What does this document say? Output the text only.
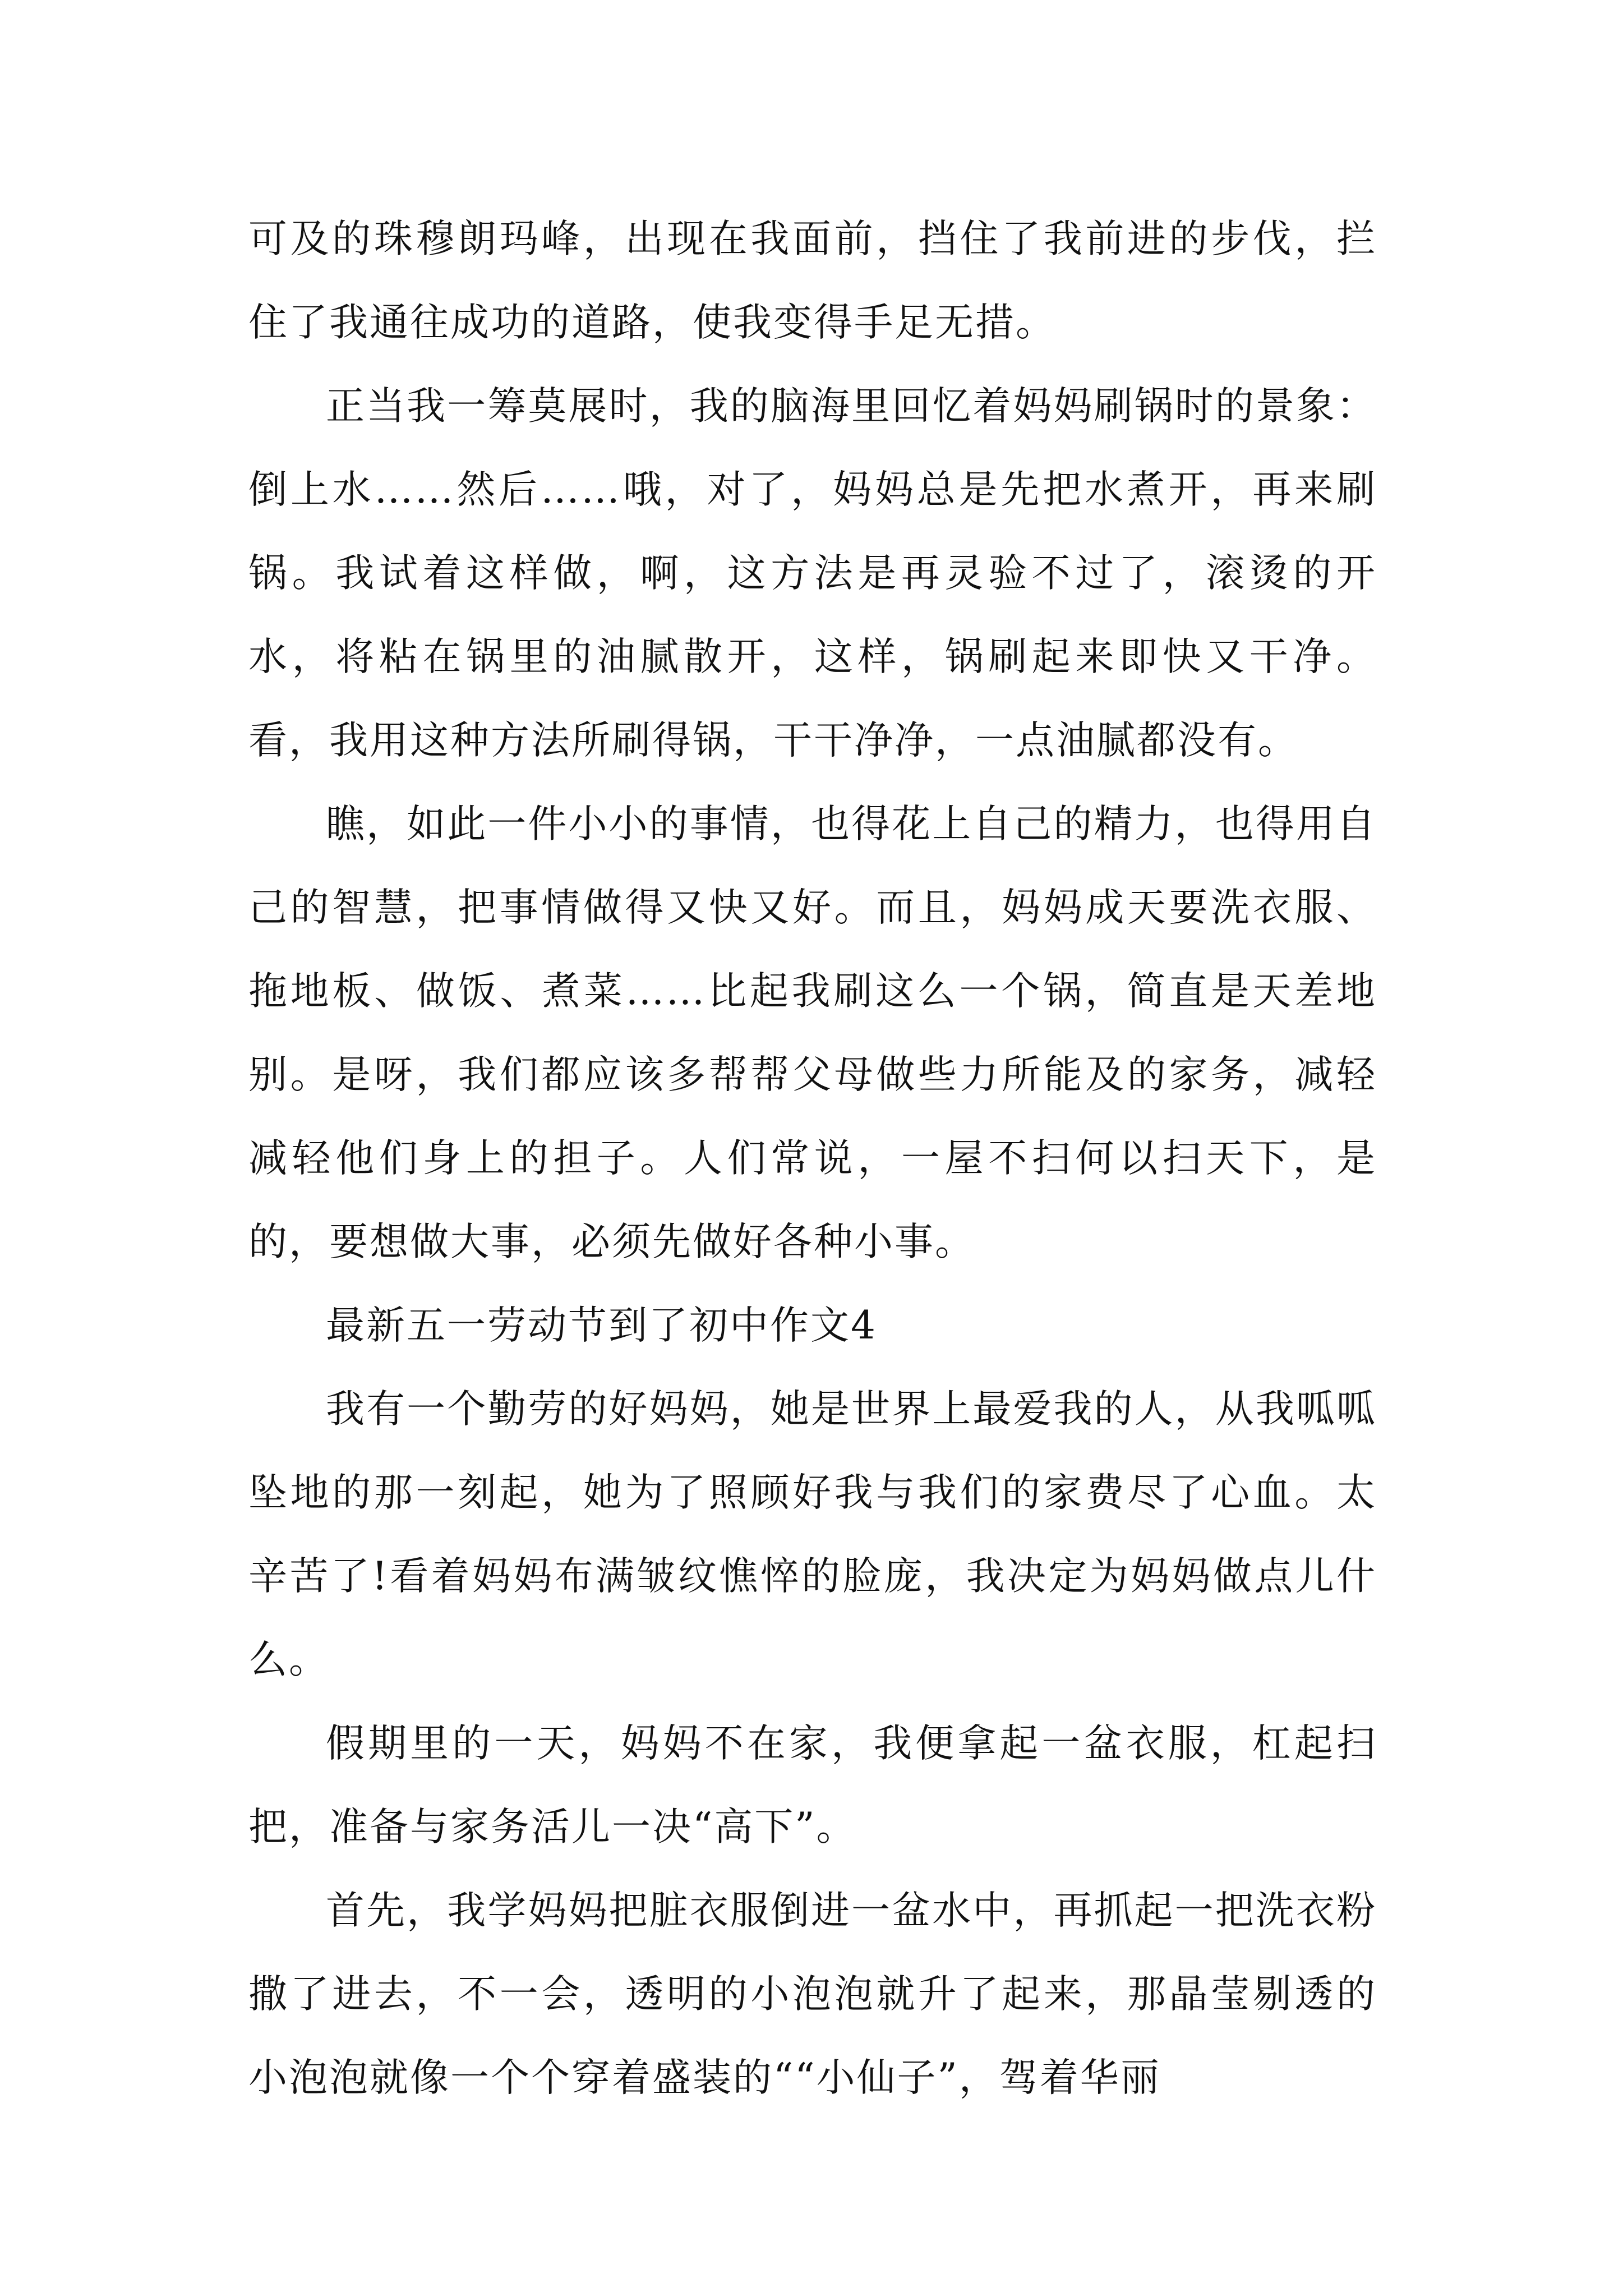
可及的珠穆朗玛峰，出现在我面前，挡住了我前进的步伐，拦住了我通往成功的道路，使我变得手足无措。

正当我一筹莫展时，我的脑海里回忆着妈妈刷锅时的景象：倒上水……然后……哦，对了，妈妈总是先把水煮开，再来刷锅。我试着这样做，啊，这方法是再灵验不过了，滚烫的开水，将粘在锅里的油腻散开，这样，锅刷起来即快又干净。看，我用这种方法所刷得锅，干干净净，一点油腻都没有。

瞧，如此一件小小的事情，也得花上自己的精力，也得用自己的智慧，把事情做得又快又好。而且，妈妈成天要洗衣服、拖地板、做饭、煮菜……比起我刷这么一个锅，简直是天差地别。是呀，我们都应该多帮帮父母做些力所能及的家务，减轻减轻他们身上的担子。人们常说，一屋不扫何以扫天下，是的，要想做大事，必须先做好各种小事。

最新五一劳动节到了初中作文4

我有一个勤劳的好妈妈，她是世界上最爱我的人，从我呱呱坠地的那一刻起，她为了照顾好我与我们的家费尽了心血。太辛苦了!看着妈妈布满皱纹憔悴的脸庞，我决定为妈妈做点儿什么。

假期里的一天，妈妈不在家，我便拿起一盆衣服，杠起扫把，准备与家务活儿一决“高下”。

首先，我学妈妈把脏衣服倒进一盆水中，再抓起一把洗衣粉撒了进去，不一会，透明的小泡泡就升了起来，那晶莹剔透的小泡泡就像一个个穿着盛装的““小仙子”，驾着华丽
